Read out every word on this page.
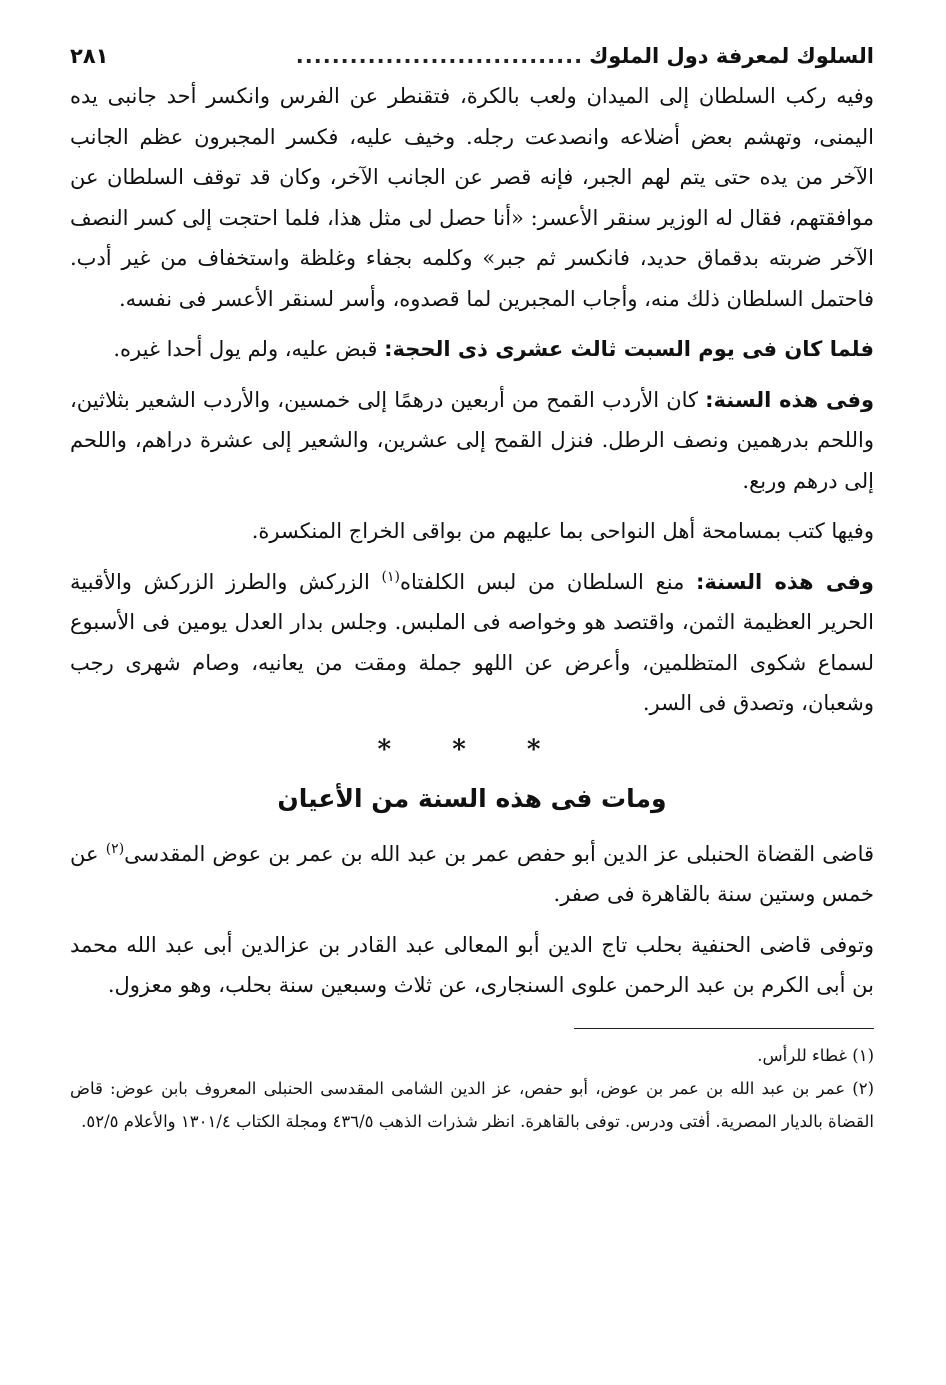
السلوك لمعرفة دول الملوك
................................
٢٨١

وفيه ركب السلطان إلى الميدان ولعب بالكرة، فتقنطر عن الفرس وانكسر أحد جانبى يده اليمنى، وتهشم بعض أضلاعه وانصدعت رجله. وخيف عليه، فكسر المجبرون عظم الجانب الآخر من يده حتى يتم لهم الجبر، فإنه قصر عن الجانب الآخر، وكان قد توقف السلطان عن موافقتهم، فقال له الوزير سنقر الأعسر: «أنا حصل لى مثل هذا، فلما احتجت إلى كسر النصف الآخر ضربته بدقماق حديد، فانكسر ثم جبر» وكلمه بجفاء وغلظة واستخفاف من غير أدب. فاحتمل السلطان ذلك منه، وأجاب المجبرين لما قصدوه، وأسر لسنقر الأعسر فى نفسه.

فلما كان فى يوم السبت ثالث عشرى ذى الحجة: قبض عليه، ولم يول أحدا غيره.

وفى هذه السنة: كان الأردب القمح من أربعين درهمًا إلى خمسين، والأردب الشعير بثلاثين، واللحم بدرهمين ونصف الرطل. فنزل القمح إلى عشرين، والشعير إلى عشرة دراهم، واللحم إلى درهم وربع.

وفيها كتب بمسامحة أهل النواحى بما عليهم من بواقى الخراج المنكسرة.

وفى هذه السنة: منع السلطان من لبس الكلفتاه$^{(١)}$ الزركش والطرز الزركش والأقبية الحرير العظيمة الثمن، واقتصد هو وخواصه فى الملبس. وجلس بدار العدل يومين فى الأسبوع لسماع شكوى المتظلمين، وأعرض عن اللهو جملة ومقت من يعانيه، وصام شهرى رجب وشعبان، وتصدق فى السر.

* * *
ومات فى هذه السنة من الأعيان

قاضى القضاة الحنبلى عز الدين أبو حفص عمر بن عبد الله بن عمر بن عوض المقدسى$^{(٢)}$ عن خمس وستين سنة بالقاهرة فى صفر.

وتوفى قاضى الحنفية بحلب تاج الدين أبو المعالى عبد القادر بن عزالدين أبى عبد الله محمد بن أبى الكرم بن عبد الرحمن علوى السنجارى، عن ثلاث وسبعين سنة بحلب، وهو معزول.

(١) غطاء للرأس.

(٢) عمر بن عبد الله بن عمر بن عوض، أبو حفص، عز الدين الشامى المقدسى الحنبلى المعروف بابن عوض: قاض القضاة بالديار المصرية. أفتى ودرس. توفى بالقاهرة. انظر شذرات الذهب ٤٣٦/٥ ومجلة الكتاب ١٣٠١/٤ والأعلام ٥٢/٥.
